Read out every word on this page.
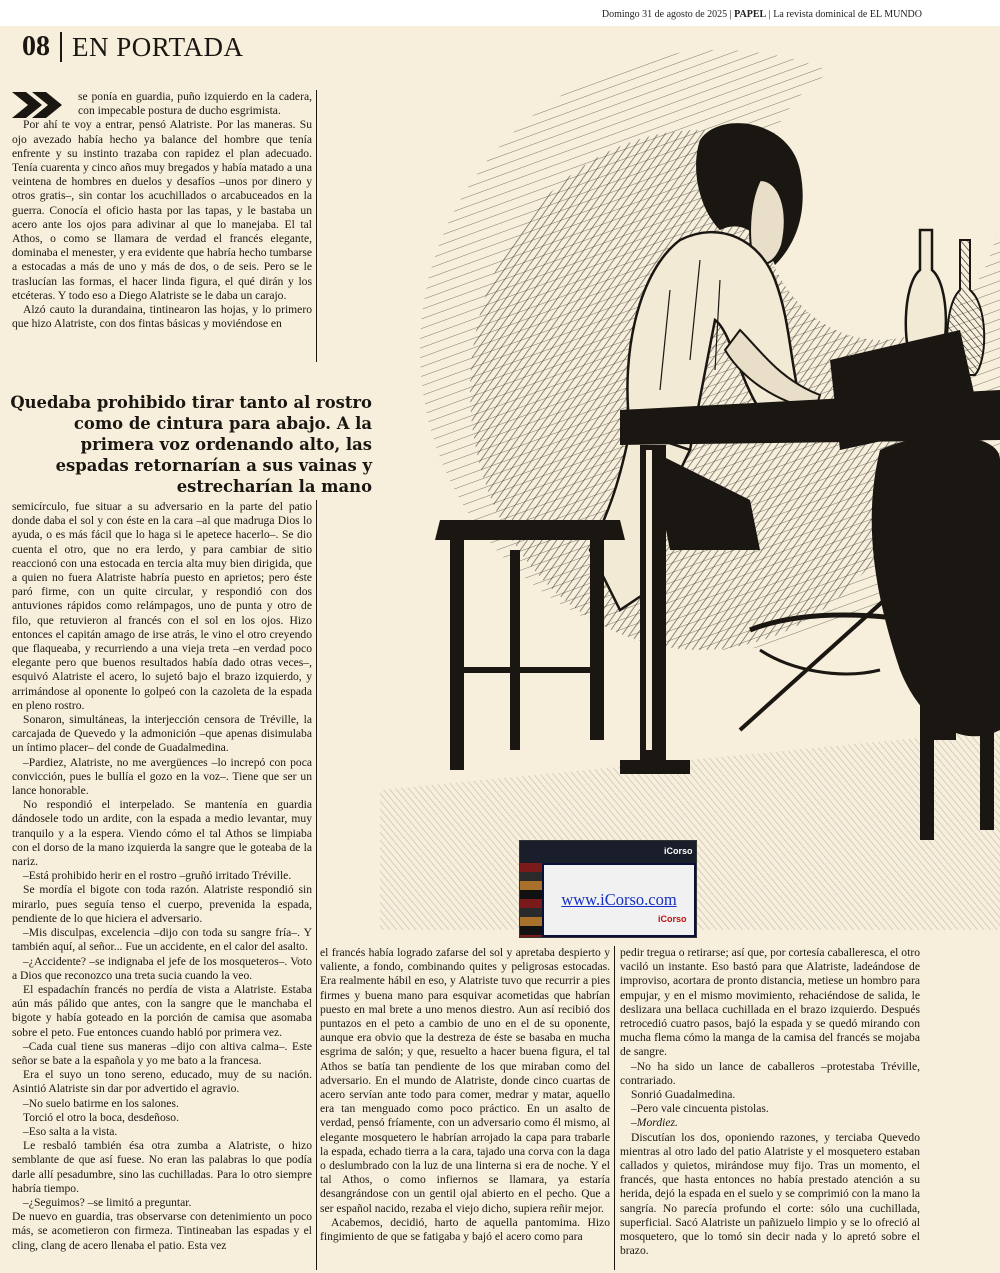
Domingo 31 de agosto de 2025 | PAPEL | La revista dominical de EL MUNDO
08 EN PORTADA

se ponía en guardia, puño izquierdo en la cadera, con impecable postura de ducho esgrimista.

Por ahí te voy a entrar, pensó Alatriste. Por las maneras. Su ojo avezado había hecho ya balance del hombre que tenía enfrente y su instinto trazaba con rapidez el plan adecuado. Tenía cuarenta y cinco años muy bregados y había matado a una veintena de hombres en duelos y desafíos –unos por dinero y otros gratis–, sin contar los acuchillados o arcabuceados en la guerra. Conocía el oficio hasta por las tapas, y le bastaba un acero ante los ojos para adivinar al que lo manejaba. El tal Athos, o como se llamara de verdad el francés elegante, dominaba el menester, y era evidente que habría hecho tumbarse a estocadas a más de uno y más de dos, o de seis. Pero se le traslucían las formas, el hacer linda figura, el qué dirán y los etcéteras. Y todo eso a Diego Alatriste se le daba un carajo.

Alzó cauto la durandaina, tintinearon las hojas, y lo primero que hizo Alatriste, con dos fintas básicas y moviéndose en

Quedaba prohibido tirar tanto al rostro como de cintura para abajo. A la primera voz ordenando alto, las espadas retornarían a sus vainas y estrecharían la mano

semicírculo, fue situar a su adversario en la parte del patio donde daba el sol y con éste en la cara –al que madruga Dios lo ayuda, o es más fácil que lo haga si le apetece hacerlo–. Se dio cuenta el otro, que no era lerdo, y para cambiar de sitio reaccionó con una estocada en tercia alta muy bien dirigida, que a quien no fuera Alatriste habría puesto en aprietos; pero éste paró firme, con un quite circular, y respondió con dos antuviones rápidos como relámpagos, uno de punta y otro de filo, que retuvieron al francés con el sol en los ojos. Hizo entonces el capitán amago de irse atrás, le vino el otro creyendo que flaqueaba, y recurriendo a una vieja treta –en verdad poco elegante pero que buenos resultados había dado otras veces–, esquivó Alatriste el acero, lo sujetó bajo el brazo izquierdo, y arrimándose al oponente lo golpeó con la cazoleta de la espada en pleno rostro.

Sonaron, simultáneas, la interjección censora de Tréville, la carcajada de Quevedo y la admonición –que apenas disimulaba un íntimo placer– del conde de Guadalmedina.

–Pardiez, Alatriste, no me avergüences –lo increpó con poca convicción, pues le bullía el gozo en la voz–. Tiene que ser un lance honorable.

No respondió el interpelado. Se mantenía en guardia dándosele todo un ardite, con la espada a medio levantar, muy tranquilo y a la espera. Viendo cómo el tal Athos se limpiaba con el dorso de la mano izquierda la sangre que le goteaba de la nariz.

–Está prohibido herir en el rostro –gruñó irritado Tréville.

Se mordía el bigote con toda razón. Alatriste respondió sin mirarlo, pues seguía tenso el cuerpo, prevenida la espada, pendiente de lo que hiciera el adversario.

–Mis disculpas, excelencia –dijo con toda su sangre fría–. Y también aquí, al señor... Fue un accidente, en el calor del asalto.

–¿Accidente? –se indignaba el jefe de los mosqueteros–. Voto a Dios que reconozco una treta sucia cuando la veo.

El espadachín francés no perdía de vista a Alatriste. Estaba aún más pálido que antes, con la sangre que le manchaba el bigote y había goteado en la porción de camisa que asomaba sobre el peto. Fue entonces cuando habló por primera vez.

–Cada cual tiene sus maneras –dijo con altiva calma–. Este señor se bate a la española y yo me bato a la francesa.

Era el suyo un tono sereno, educado, muy de su nación. Asintió Alatriste sin dar por advertido el agravio.

–No suelo batirme en los salones.

Torció el otro la boca, desdeñoso.

–Eso salta a la vista.

Le resbaló también ésa otra zumba a Alatriste, o hizo semblante de que así fuese. No eran las palabras lo que podía darle allí pesadumbre, sino las cuchilladas. Para lo otro siempre habría tiempo.

–¿Seguimos? –se limitó a preguntar.

De nuevo en guardia, tras observarse con detenimiento un poco más, se acometieron con firmeza. Tintineaban las espadas y el cling, clang de acero llenaba el patio. Esta vez

iCorso
www.iCorso.com
iCorso

el francés había logrado zafarse del sol y apretaba despierto y valiente, a fondo, combinando quites y peligrosas estocadas. Era realmente hábil en eso, y Alatriste tuvo que recurrir a pies firmes y buena mano para esquivar acometidas que habrían puesto en mal brete a uno menos diestro. Aun así recibió dos puntazos en el peto a cambio de uno en el de su oponente, aunque era obvio que la destreza de éste se basaba en mucha esgrima de salón; y que, resuelto a hacer buena figura, el tal Athos se batía tan pendiente de los que miraban como del adversario. En el mundo de Alatriste, donde cinco cuartas de acero servían ante todo para comer, medrar y matar, aquello era tan menguado como poco práctico. En un asalto de verdad, pensó fríamente, con un adversario como él mismo, al elegante mosquetero le habrían arrojado la capa para trabarle la espada, echado tierra a la cara, tajado una corva con la daga o deslumbrado con la luz de una linterna si era de noche. Y el tal Athos, o como infiernos se llamara, ya estaría desangrándose con un gentil ojal abierto en el pecho. Que a ser español nacido, rezaba el viejo dicho, supiera reñir mejor.

Acabemos, decidió, harto de aquella pantomima. Hizo fingimiento de que se fatigaba y bajó el acero como para

pedir tregua o retirarse; así que, por cortesía caballeresca, el otro vaciló un instante. Eso bastó para que Alatriste, ladeándose de improviso, acortara de pronto distancia, metiese un hombro para empujar, y en el mismo movimiento, rehaciéndose de salida, le deslizara una bellaca cuchillada en el brazo izquierdo. Después retrocedió cuatro pasos, bajó la espada y se quedó mirando con mucha flema cómo la manga de la camisa del francés se mojaba de sangre.

–No ha sido un lance de caballeros –protestaba Tréville, contrariado.

Sonrió Guadalmedina.

–Pero vale cincuenta pistolas.

–Mordiez.

Discutían los dos, oponiendo razones, y terciaba Quevedo mientras al otro lado del patio Alatriste y el mosquetero estaban callados y quietos, mirándose muy fijo. Tras un momento, el francés, que hasta entonces no había prestado atención a su herida, dejó la espada en el suelo y se comprimió con la mano la sangría. No parecía profundo el corte: sólo una cuchillada, superficial. Sacó Alatriste un pañizuelo limpio y se lo ofreció al mosquetero, que lo tomó sin decir nada y lo apretó sobre el brazo.
